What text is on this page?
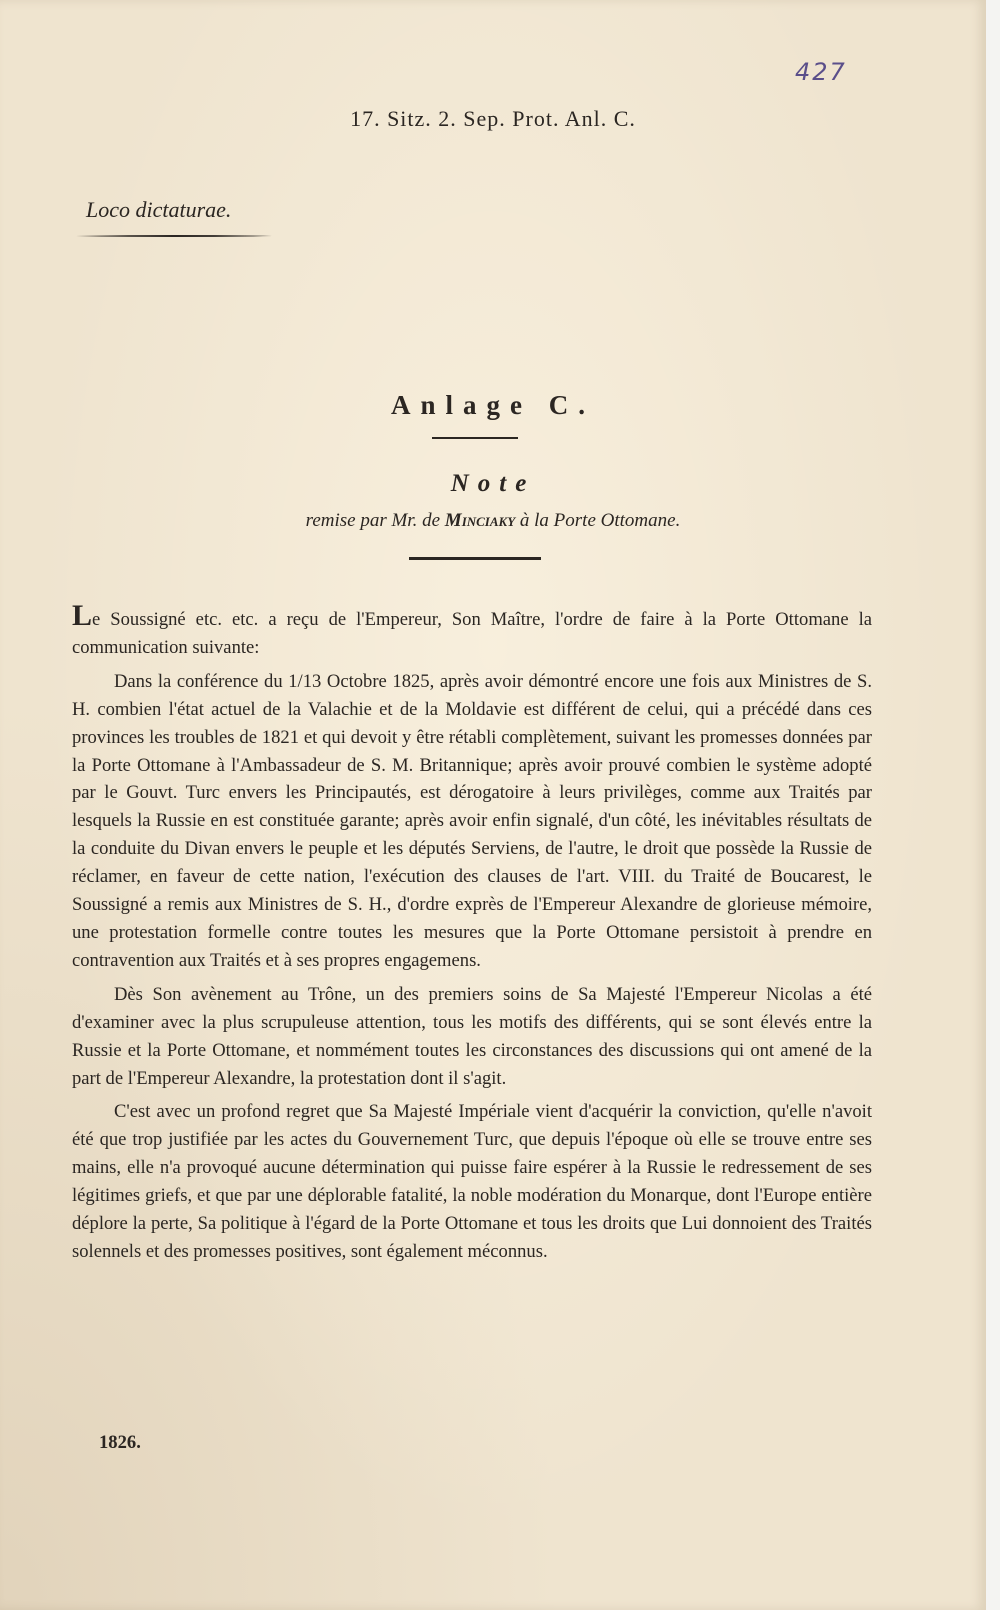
427
17. Sitz. 2. Sep. Prot. Anl. C.
Loco dictaturae.
Anlage C.
Note
remise par Mr. de Minciaky à la Porte Ottomane.

Le Soussigné etc. etc. a reçu de l'Empereur, Son Maître, l'ordre de faire à la Porte Ottomane la communication suivante:

Dans la conférence du 1/13 Octobre 1825, après avoir démontré encore une fois aux Ministres de S. H. combien l'état actuel de la Valachie et de la Moldavie est différent de celui, qui a précédé dans ces provinces les troubles de 1821 et qui devoit y être rétabli complètement, suivant les promesses données par la Porte Ottomane à l'Ambassadeur de S. M. Britannique; après avoir prouvé combien le système adopté par le Gouvt. Turc envers les Principautés, est dérogatoire à leurs privilèges, comme aux Traités par lesquels la Russie en est constituée garante; après avoir enfin signalé, d'un côté, les inévitables résultats de la conduite du Divan envers le peuple et les députés Serviens, de l'autre, le droit que possède la Russie de réclamer, en faveur de cette nation, l'exécution des clauses de l'art. VIII. du Traité de Boucarest, le Soussigné a remis aux Ministres de S. H., d'ordre exprès de l'Empereur Alexandre de glorieuse mémoire, une protestation formelle contre toutes les mesures que la Porte Ottomane persistoit à prendre en contravention aux Traités et à ses propres engagemens.

Dès Son avènement au Trône, un des premiers soins de Sa Majesté l'Empereur Nicolas a été d'examiner avec la plus scrupuleuse attention, tous les motifs des différents, qui se sont élevés entre la Russie et la Porte Ottomane, et nommément toutes les circonstances des discussions qui ont amené de la part de l'Empereur Alexandre, la protestation dont il s'agit.

C'est avec un profond regret que Sa Majesté Impériale vient d'acquérir la conviction, qu'elle n'avoit été que trop justifiée par les actes du Gouvernement Turc, que depuis l'époque où elle se trouve entre ses mains, elle n'a provoqué aucune détermination qui puisse faire espérer à la Russie le redressement de ses légitimes griefs, et que par une déplorable fatalité, la noble modération du Monarque, dont l'Europe entière déplore la perte, Sa politique à l'égard de la Porte Ottomane et tous les droits que Lui donnoient des Traités solennels et des promesses positives, sont également méconnus.

1826.
